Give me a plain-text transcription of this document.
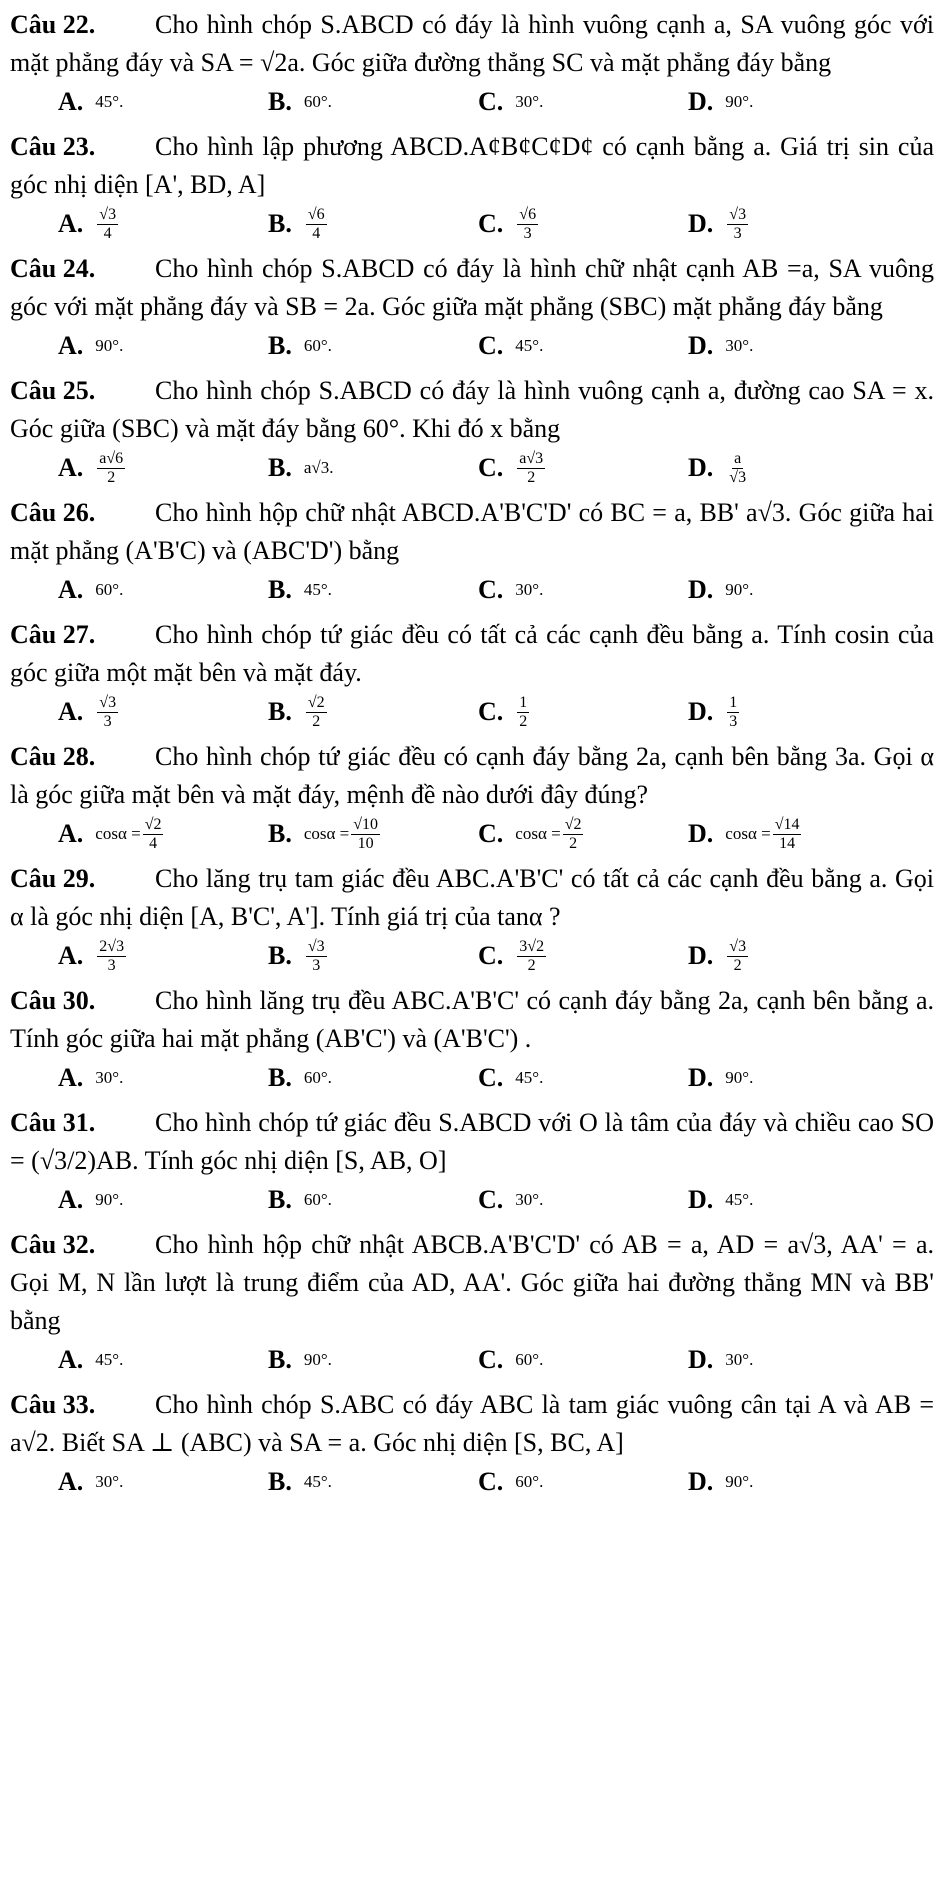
Câu 22. Cho hình chóp S.ABCD có đáy là hình vuông cạnh a, SA vuông góc với mặt phẳng đáy và SA = √2a. Góc giữa đường thẳng SC và mặt phẳng đáy bằng
A. 45°.	B. 60°.	C. 30°.	D. 90°.
Câu 23. Cho hình lập phương ABCD.A¢B¢C¢D¢ có cạnh bằng a. Giá trị sin của góc nhị diện [A', BD, A]
A. $\frac{√3}{4}$	B. $\frac{√6}{4}$	C. $\frac{√6}{3}$	D. $\frac{√3}{3}$
Câu 24. Cho hình chóp S.ABCD có đáy là hình chữ nhật cạnh AB =a, SA vuông góc với mặt phẳng đáy và SB = 2a. Góc giữa mặt phẳng (SBC) mặt phẳng đáy bằng
A. 90°.	B. 60°.	C. 45°.	D. 30°.
Câu 25. Cho hình chóp S.ABCD có đáy là hình vuông cạnh a, đường cao SA = x. Góc giữa (SBC) và mặt đáy bằng 60°. Khi đó x bằng
A. $\frac{a√6}{2}$	B. a√3.	C. $\frac{a√3}{2}$	D. $\frac{a}{√3}$
Câu 26. Cho hình hộp chữ nhật ABCD.A'B'C'D' có BC = a, BB' a√3. Góc giữa hai mặt phẳng (A'B'C) và (ABC'D') bằng
A. 60°.	B. 45°.	C. 30°.	D. 90°.
Câu 27. Cho hình chóp tứ giác đều có tất cả các cạnh đều bằng a. Tính cosin của góc giữa một mặt bên và mặt đáy.
A. $\frac{√3}{3}$	B. $\frac{√2}{2}$	C. $\frac{1}{2}$	D. $\frac{1}{3}$
Câu 28. Cho hình chóp tứ giác đều có cạnh đáy bằng 2a, cạnh bên bằng 3a. Gọi α là góc giữa mặt bên và mặt đáy, mệnh đề nào dưới đây đúng?
A. $\cos\alpha = \frac{√2}{4}$	B. $\cos\alpha = \frac{√10}{10}$	C. $\cos\alpha = \frac{√2}{2}$	D. $\cos\alpha = \frac{√14}{14}$
Câu 29. Cho lăng trụ tam giác đều ABC.A'B'C' có tất cả các cạnh đều bằng a. Gọi α là góc nhị diện [A, B'C', A']. Tính giá trị của tanα ?
A. $\frac{2√3}{3}$	B. $\frac{√3}{3}$	C. $\frac{3√2}{2}$	D. $\frac{√3}{2}$
Câu 30. Cho hình lăng trụ đều ABC.A'B'C' có cạnh đáy bằng 2a, cạnh bên bằng a. Tính góc giữa hai mặt phẳng (AB'C') và (A'B'C') .
A. 30°.	B. 60°.	C. 45°.	D. 90°.
Câu 31. Cho hình chóp tứ giác đều S.ABCD với O là tâm của đáy và chiều cao SO = (√3/2)AB. Tính góc nhị diện [S, AB, O]
A. 90°.	B. 60°.	C. 30°.	D. 45°.
Câu 32. Cho hình hộp chữ nhật ABCB.A'B'C'D' có AB = a, AD = a√3, AA' = a. Gọi M, N lần lượt là trung điểm của AD, AA'. Góc giữa hai đường thẳng MN và BB' bằng
A. 45°.	B. 90°.	C. 60°.	D. 30°.
Câu 33. Cho hình chóp S.ABC có đáy ABC là tam giác vuông cân tại A và AB = a√2. Biết SA ⊥ (ABC) và SA = a. Góc nhị diện [S, BC, A]
A. 30°.	B. 45°.	C. 60°.	D. 90°.
